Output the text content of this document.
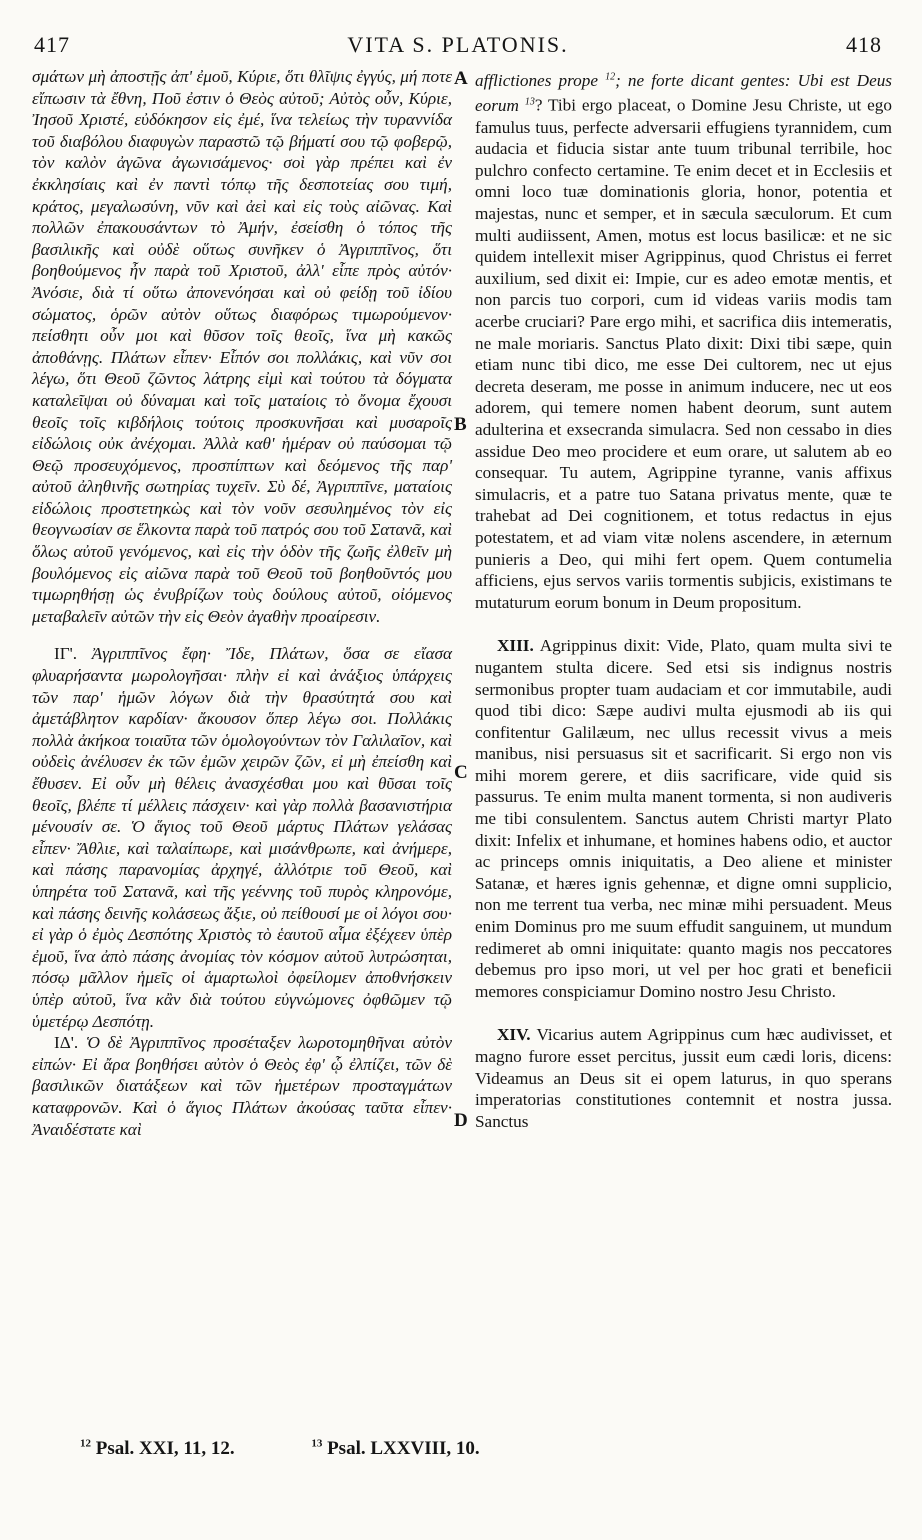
417	VITA S. PLATONIS.	418

σμάτων μὴ ἀποστῇς ἀπ' ἐμοῦ, Κύριε, ὅτι θλῖψις ἐγγύς, μή ποτε εἴπωσιν τὰ ἔθνη, Ποῦ ἐστιν ὁ Θεὸς αὐτοῦ; Αὐτὸς οὖν, Κύριε, Ἰησοῦ Χριστέ, εὐδόκησον εἰς ἐμέ, ἵνα τελείως τὴν τυραννίδα τοῦ διαβόλου διαφυγὼν παραστῶ τῷ βήματί σου τῷ φοβερῷ, τὸν καλὸν ἀγῶνα ἀγωνισάμενος· σοὶ γὰρ πρέπει καὶ ἐν ἐκκλησίαις καὶ ἐν παντὶ τόπῳ τῆς δεσποτείας σου τιμή, κράτος, μεγαλωσύνη, νῦν καὶ ἀεὶ καὶ εἰς τοὺς αἰῶνας. Καὶ πολλῶν ἐπακουσάντων τὸ Ἀμήν, ἐσείσθη ὁ τόπος τῆς βασιλικῆς καὶ οὐδὲ οὕτως συνῆκεν ὁ Ἀγριππῖνος, ὅτι βοηθούμενος ἦν παρὰ τοῦ Χριστοῦ, ἀλλ' εἶπε πρὸς αὐτόν· Ἀνόσιε, διὰ τί οὕτω ἀπονενόησαι καὶ οὐ φείδῃ τοῦ ἰδίου σώματος, ὁρῶν αὐτὸν οὕτως διαφόρως τιμωρούμενον· πείσθητι οὖν μοι καὶ θῦσον τοῖς θεοῖς, ἵνα μὴ κακῶς ἀποθάνῃς. Πλάτων εἶπεν· Εἶπόν σοι πολλάκις, καὶ νῦν σοι λέγω, ὅτι Θεοῦ ζῶντος λάτρης εἰμὶ καὶ τούτου τὰ δόγματα καταλεῖψαι οὐ δύναμαι καὶ τοῖς ματαίοις τὸ ὄνομα ἔχουσι θεοῖς τοῖς κιβδήλοις τούτοις προσκυνῆσαι καὶ μυσαροῖς εἰδώλοις οὐκ ἀνέχομαι. Ἀλλὰ καθ' ἡμέραν οὐ παύσομαι τῷ Θεῷ προσευχόμενος, προσπίπτων καὶ δεόμενος τῆς παρ' αὐτοῦ ἀληθινῆς σωτηρίας τυχεῖν. Σὺ δέ, Ἀγριππῖνε, ματαίοις εἰδώλοις προστετηκὼς καὶ τὸν νοῦν σεσυλημένος τὸν εἰς θεογνωσίαν σε ἕλκοντα παρὰ τοῦ πατρός σου τοῦ Σατανᾶ, καὶ ὅλως αὐτοῦ γενόμενος, καὶ εἰς τὴν ὁδὸν τῆς ζωῆς ἐλθεῖν μὴ βουλόμενος εἰς αἰῶνα παρὰ τοῦ Θεοῦ τοῦ βοηθοῦντός μου τιμωρηθήσῃ ὡς ἐνυβρίζων τοὺς δούλους αὐτοῦ, οἰόμενος μεταβαλεῖν αὐτῶν τὴν εἰς Θεὸν ἀγαθὴν προαίρεσιν.

ΙΓ'. Ἀγριππῖνος ἔφη· Ἴδε, Πλάτων, ὅσα σε εἴασα φλυαρήσαντα μωρολογῆσαι· πλὴν εἰ καὶ ἀνάξιος ὑπάρχεις τῶν παρ' ἡμῶν λόγων διὰ τὴν θρασύτητά σου καὶ ἀμετάβλητον καρδίαν· ἄκουσον ὅπερ λέγω σοι. Πολλάκις πολλὰ ἀκήκοα τοιαῦτα τῶν ὁμολογούντων τὸν Γαλιλαῖον, καὶ οὐδεὶς ἀνέλυσεν ἐκ τῶν ἐμῶν χειρῶν ζῶν, εἰ μὴ ἐπείσθη καὶ ἔθυσεν. Εἰ οὖν μὴ θέλεις ἀνασχέσθαι μου καὶ θῦσαι τοῖς θεοῖς, βλέπε τί μέλλεις πάσχειν· καὶ γὰρ πολλὰ βασανιστήρια μένουσίν σε. Ὁ ἅγιος τοῦ Θεοῦ μάρτυς Πλάτων γελάσας εἶπεν· Ἄθλιε, καὶ ταλαίπωρε, καὶ μισάνθρωπε, καὶ ἀνήμερε, καὶ πάσης παρανομίας ἀρχηγέ, ἀλλότριε τοῦ Θεοῦ, καὶ ὑπηρέτα τοῦ Σατανᾶ, καὶ τῆς γεέννης τοῦ πυρὸς κληρονόμε, καὶ πάσης δεινῆς κολάσεως ἄξιε, οὐ πείθουσί με οἱ λόγοι σου· εἰ γὰρ ὁ ἐμὸς Δεσπότης Χριστὸς τὸ ἑαυτοῦ αἷμα ἐξέχεεν ὑπὲρ ἐμοῦ, ἵνα ἀπὸ πάσης ἀνομίας τὸν κόσμον αὐτοῦ λυτρώσηται, πόσῳ μᾶλλον ἡμεῖς οἱ ἁμαρτωλοὶ ὀφείλομεν ἀποθνήσκειν ὑπὲρ αὐτοῦ, ἵνα κἂν διὰ τούτου εὐγνώμονες ὀφθῶμεν τῷ ὑμετέρῳ Δεσπότῃ.

ΙΔ'. Ὁ δὲ Ἀγριππῖνος προσέταξεν λωροτομηθῆναι αὐτὸν εἰπών· Εἰ ἄρα βοηθήσει αὐτὸν ὁ Θεὸς ἐφ' ᾧ ἐλπίζει, τῶν δὲ βασιλικῶν διατάξεων καὶ τῶν ἡμετέρων προσταγμάτων καταφρονῶν. Καὶ ὁ ἅγιος Πλάτων ἀκούσας ταῦτα εἶπεν· Ἀναιδέστατε καὶ

A
B
C
D

afflictiones prope $^{12}$; ne forte dicant gentes: Ubi est Deus eorum $^{13}$? Tibi ergo placeat, o Domine Jesu Christe, ut ego famulus tuus, perfecte adversarii effugiens tyrannidem, cum audacia et fiducia sistar ante tuum tribunal terribile, hoc pulchro confecto certamine. Te enim decet et in Ecclesiis et omni loco tuæ dominationis gloria, honor, potentia et majestas, nunc et semper, et in sæcula sæculorum. Et cum multi audiissent, Amen, motus est locus basilicæ: et ne sic quidem intellexit miser Agrippinus, quod Christus ei ferret auxilium, sed dixit ei: Impie, cur es adeo emotæ mentis, et non parcis tuo corpori, cum id videas variis modis tam acerbe cruciari? Pare ergo mihi, et sacrifica diis intemeratis, ne male moriaris. Sanctus Plato dixit: Dixi tibi sæpe, quin etiam nunc tibi dico, me esse Dei cultorem, nec ut ejus decreta deseram, me posse in animum inducere, nec ut eos adorem, qui temere nomen habent deorum, sunt autem adulterina et exsecranda simulacra. Sed non cessabo in dies assidue Deo meo procidere et eum orare, ut salutem ab eo consequar. Tu autem, Agrippine tyranne, vanis affixus simulacris, et a patre tuo Satana privatus mente, quæ te trahebat ad Dei cognitionem, et totus redactus in ejus potestatem, et ad viam vitæ nolens ascendere, in æternum punieris a Deo, qui mihi fert opem. Quem contumelia afficiens, ejus servos variis tormentis subjicis, existimans te mutaturum eorum bonum in Deum propositum.

XIII. Agrippinus dixit: Vide, Plato, quam multa sivi te nugantem stulta dicere. Sed etsi sis indignus nostris sermonibus propter tuam audaciam et cor immutabile, audi quod tibi dico: Sæpe audivi multa ejusmodi ab iis qui confitentur Galilæum, nec ullus recessit vivus a meis manibus, nisi persuasus sit et sacrificarit. Si ergo non vis mihi morem gerere, et diis sacrificare, vide quid sis passurus. Te enim multa manent tormenta, si non audiveris me tibi consulentem. Sanctus autem Christi martyr Plato dixit: Infelix et inhumane, et homines habens odio, et auctor ac princeps omnis iniquitatis, a Deo aliene et minister Satanæ, et hæres ignis gehennæ, et digne omni supplicio, non me terrent tua verba, nec minæ mihi persuadent. Meus enim Dominus pro me suum effudit sanguinem, ut mundum redimeret ab omni iniquitate: quanto magis nos peccatores debemus pro ipso mori, ut vel per hoc grati et beneficii memores conspiciamur Domino nostro Jesu Christo.

XIV. Vicarius autem Agrippinus cum hæc audivisset, et magno furore esset percitus, jussit eum cædi loris, dicens: Videamus an Deus sit ei opem laturus, in quo sperans imperatorias constitutiones contemnit et nostra jussa. Sanctus

$^{12}$ Psal. XXI, 11, 12.	$^{13}$ Psal. LXXVIII, 10.
